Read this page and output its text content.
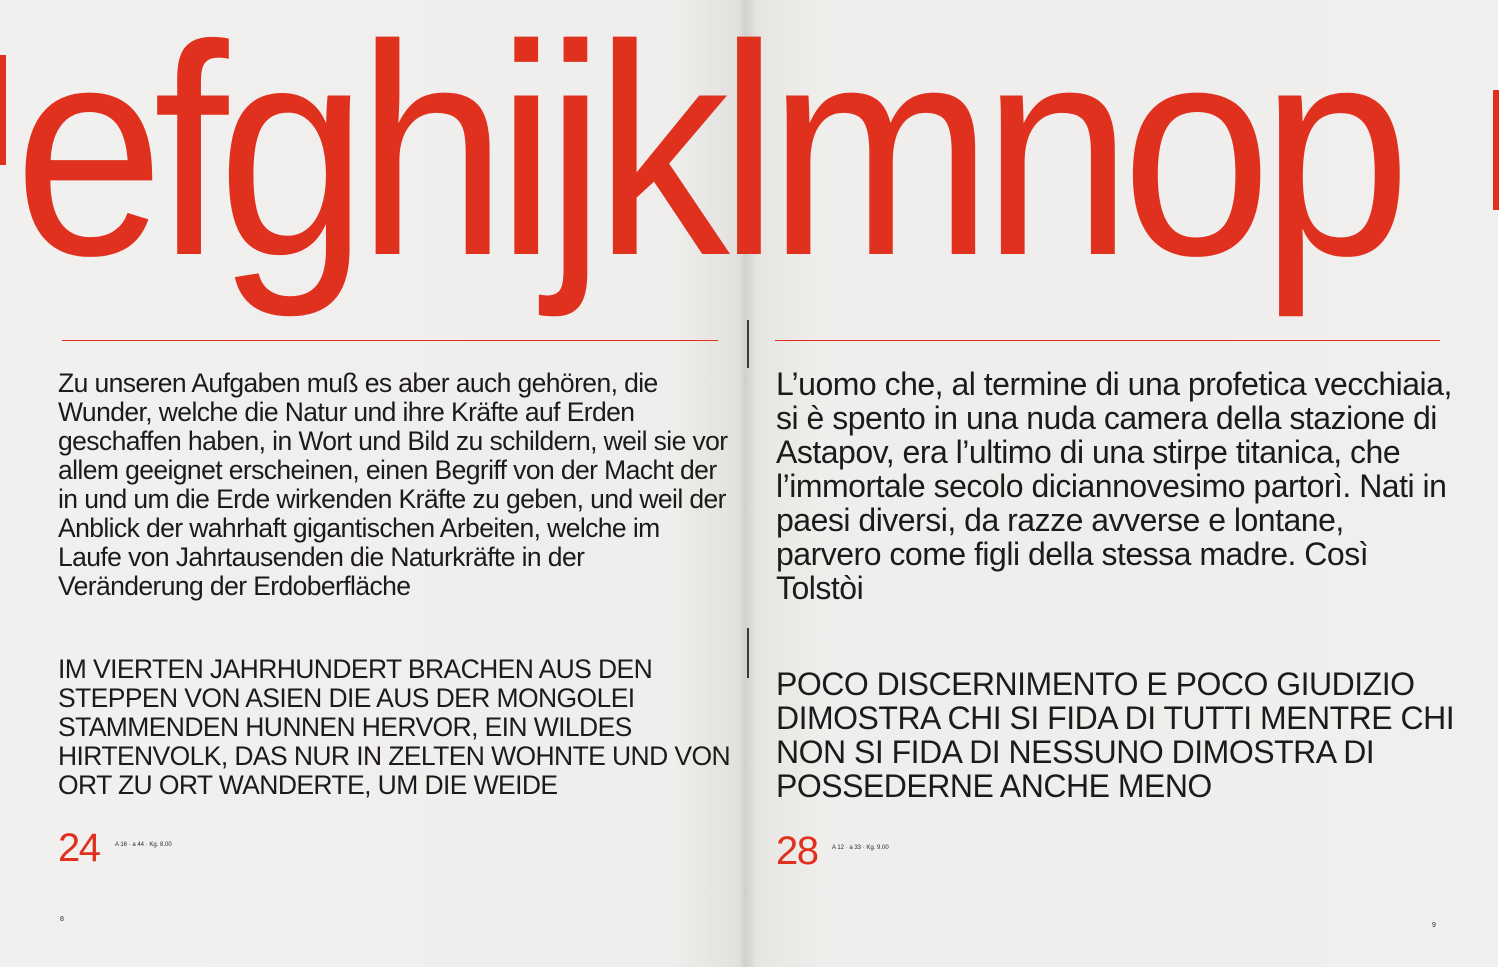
efghijklmnop

Zu unseren Aufgaben muß es aber auch gehören, die Wunder, welche die Natur und ihre Kräfte auf Erden geschaffen haben, in Wort und Bild zu schildern, weil sie vor allem geeignet erscheinen, einen Begriff von der Macht der in und um die Erde wirkenden Kräfte zu geben, und weil der Anblick der wahrhaft gigantischen Arbeiten, welche im Laufe von Jahrtausenden die Naturkräfte in der Veränderung der Erdoberfläche

IM VIERTEN JAHRHUNDERT BRACHEN AUS DEN STEPPEN VON ASIEN DIE AUS DER MONGOLEI STAMMENDEN HUNNEN HERVOR, EIN WILDES HIRTENVOLK, DAS NUR IN ZELTEN WOHNTE UND VON ORT ZU ORT WANDERTE, UM DIE WEIDE

24	A 16 · a 44 · Kg. 8.00
8

L’uomo che, al termine di una profetica vecchiaia, si è spento in una nuda camera della stazione di Astapov, era l’ultimo di una stirpe titanica, che l’immortale secolo diciannovesimo partorì. Nati in paesi diversi, da razze avverse e lontane, parvero come figli della stessa madre. Così Tolstòi

POCO DISCERNIMENTO E POCO GIUDIZIO DIMOSTRA CHI SI FIDA DI TUTTI MENTRE CHI NON SI FIDA DI NESSUNO DIMOSTRA DI POSSEDERNE ANCHE MENO

28 A 12 · a 33 · Kg. 9.00
9
